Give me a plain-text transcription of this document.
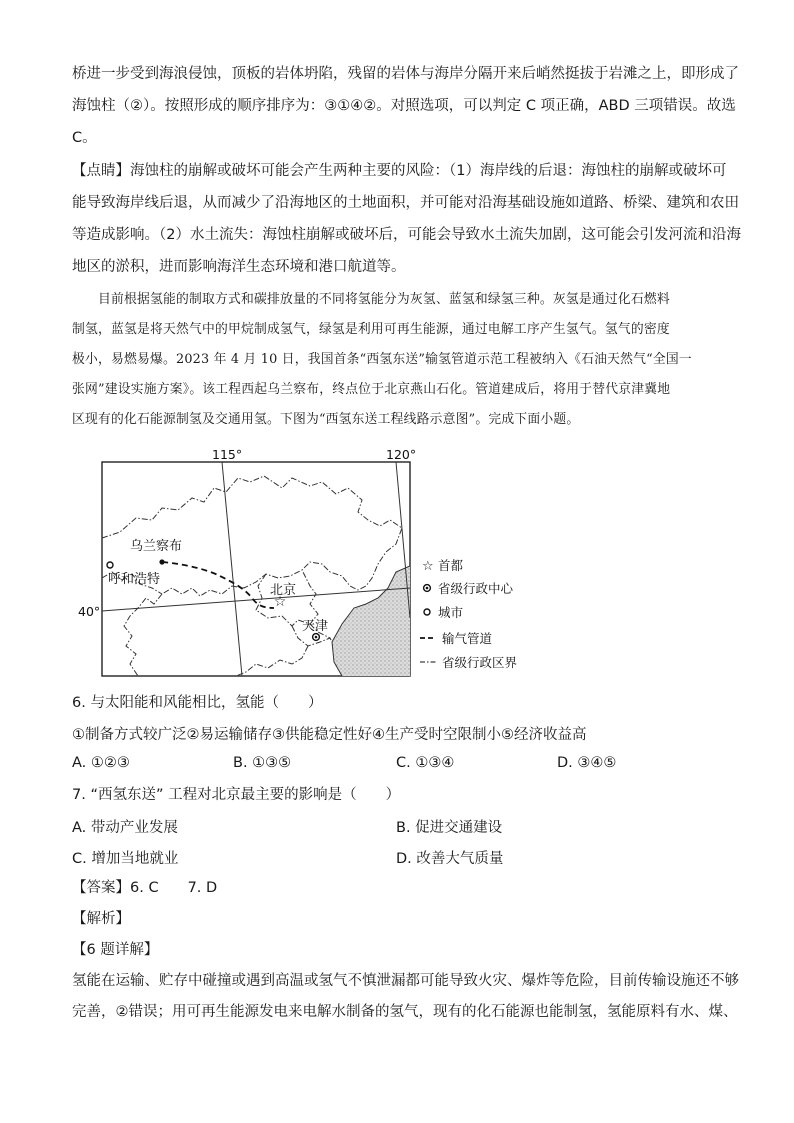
桥进一步受到海浪侵蚀，顶板的岩体坍陷，残留的岩体与海岸分隔开来后峭然挺拔于岩滩之上，即形成了
海蚀柱（②）。按照形成的顺序排序为：③①④②。对照选项，可以判定 C 项正确，ABD 三项错误。故选
C。
【点睛】海蚀柱的崩解或破坏可能会产生两种主要的风险：（1）海岸线的后退：海蚀柱的崩解或破坏可
能导致海岸线后退，从而减少了沿海地区的土地面积，并可能对沿海基础设施如道路、桥梁、建筑和农田
等造成影响。（2）水土流失：海蚀柱崩解或破坏后，可能会导致水土流失加剧，这可能会引发河流和沿海
地区的淤积，进而影响海洋生态环境和港口航道等。
目前根据氢能的制取方式和碳排放量的不同将氢能分为灰氢、蓝氢和绿氢三种。灰氢是通过化石燃料
制氢，蓝氢是将天然气中的甲烷制成氢气，绿氢是利用可再生能源，通过电解工序产生氢气。氢气的密度
极小，易燃易爆。2023 年 4 月 10 日，我国首条“西氢东送”输氢管道示范工程被纳入《石油天然气“全国一
张网”建设实施方案》。该工程西起乌兰察布，终点位于北京燕山石化。管道建成后，将用于替代京津冀地
区现有的化石能源制氢及交通用氢。下图为“西氢东送工程线路示意图”。完成下面小题。
☆
115°	120°
40°
乌兰察布
呼和浩特
北京
天津
☆ 首都
省级行政中心
城市
输气管道
省级行政区界
6. 与太阳能和风能相比，氢能（　　）
①制备方式较广泛②易运输储存③供能稳定性好④生产受时空限制小⑤经济收益高
A. ①②③	B. ①③⑤	C. ①③④	D. ③④⑤
7. “西氢东送” 工程对北京最主要的影响是（　　）
A. 带动产业发展	B. 促进交通建设
C. 增加当地就业	D. 改善大气质量
【答案】6. C　　7. D
【解析】
【6 题详解】
氢能在运输、贮存中碰撞或遇到高温或氢气不慎泄漏都可能导致火灾、爆炸等危险，目前传输设施还不够
完善，②错误；用可再生能源发电来电解水制备的氢气，现有的化石能源也能制氢，氢能原料有水、煤、
